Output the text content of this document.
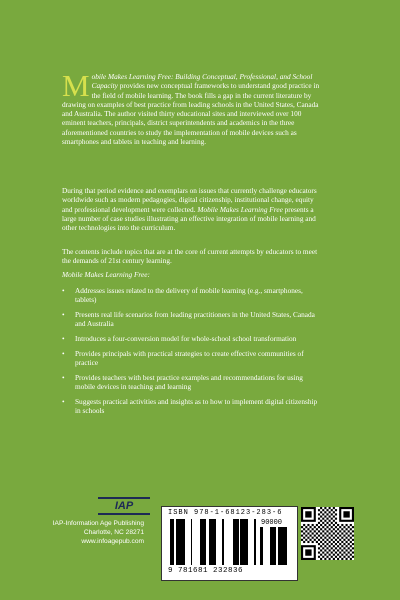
Mobile Makes Learning Free: Building Conceptual, Professional, and School Capacity provides new conceptual frameworks to understand good practice in the field of mobile learning. The book fills a gap in the current literature by drawing on examples of best practice from leading schools in the United States, Canada and Australia. The author visited thirty educational sites and interviewed over 100 eminent teachers, principals, district superintendents and academics in the three aforementioned countries to study the implementation of mobile devices such as smartphones and tablets in teaching and learning.
During that period evidence and exemplars on issues that currently challenge educators worldwide such as modern pedagogies, digital citizenship, institutional change, equity and professional development were collected. Mobile Makes Learning Free presents a large number of case studies illustrating an effective integration of mobile learning and other technologies into the curriculum.
The contents include topics that are at the core of current attempts by educators to meet the demands of 21st century learning.
Mobile Makes Learning Free:
• Addresses issues related to the delivery of mobile learning (e.g., smartphones, tablets)
• Presents real life scenarios from leading practitioners in the United States, Canada and Australia
• Introduces a four-conversion model for whole-school school transformation
• Provides principals with practical strategies to create effective communities of practice
• Provides teachers with best practice examples and recommendations for using mobile devices in teaching and learning
• Suggests practical activities and insights as to how to implement digital citizenship in schools
IAP
IAP-Information Age Publishing
Charlotte, NC 28271
www.infoagepub.com
ISBN 978-1-68123-283-6
90000
9 781681 232836
